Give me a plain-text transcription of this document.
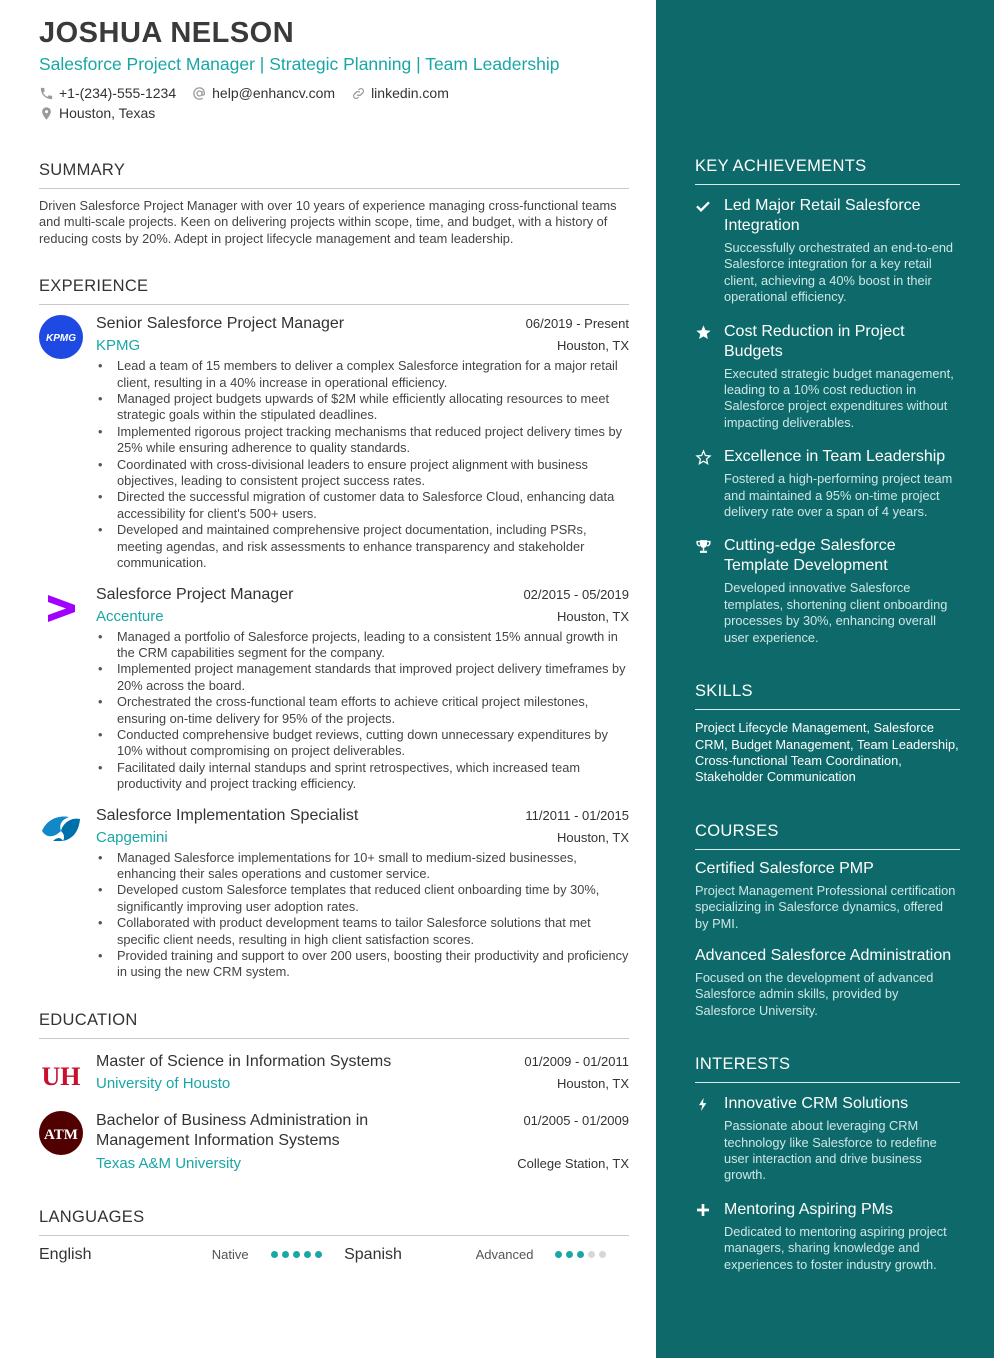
JOSHUA NELSON
Salesforce Project Manager | Strategic Planning | Team Leadership
+1-(234)-555-1234	help@enhancv.com	linkedin.com
Houston, Texas
SUMMARY
Driven Salesforce Project Manager with over 10 years of experience managing cross-functional teams and multi-scale projects. Keen on delivering projects within scope, time, and budget, with a history of reducing costs by 20%. Adept in project lifecycle management and team leadership.
EXPERIENCE
KPMG
Senior Salesforce Project Manager	06/2019 - Present
KPMG	Houston, TX
• Lead a team of 15 members to deliver a complex Salesforce integration for a major retail client, resulting in a 40% increase in operational efficiency.
• Managed project budgets upwards of $2M while efficiently allocating resources to meet strategic goals within the stipulated deadlines.
• Implemented rigorous project tracking mechanisms that reduced project delivery times by 25% while ensuring adherence to quality standards.
• Coordinated with cross-divisional leaders to ensure project alignment with business objectives, leading to consistent project success rates.
• Directed the successful migration of customer data to Salesforce Cloud, enhancing data accessibility for client's 500+ users.
• Developed and maintained comprehensive project documentation, including PSRs, meeting agendas, and risk assessments to enhance transparency and stakeholder communication.
Salesforce Project Manager	02/2015 - 05/2019
Accenture	Houston, TX
• Managed a portfolio of Salesforce projects, leading to a consistent 15% annual growth in the CRM capabilities segment for the company.
• Implemented project management standards that improved project delivery timeframes by 20% across the board.
• Orchestrated the cross-functional team efforts to achieve critical project milestones, ensuring on-time delivery for 95% of the projects.
• Conducted comprehensive budget reviews, cutting down unnecessary expenditures by 10% without compromising on project deliverables.
• Facilitated daily internal standups and sprint retrospectives, which increased team productivity and project tracking efficiency.
Salesforce Implementation Specialist	11/2011 - 01/2015
Capgemini	Houston, TX
• Managed Salesforce implementations for 10+ small to medium-sized businesses, enhancing their sales operations and customer service.
• Developed custom Salesforce templates that reduced client onboarding time by 30%, significantly improving user adoption rates.
• Collaborated with product development teams to tailor Salesforce solutions that met specific client needs, resulting in high client satisfaction scores.
• Provided training and support to over 200 users, boosting their productivity and proficiency in using the new CRM system.
EDUCATION
UH
Master of Science in Information Systems	01/2009 - 01/2011
University of Housto	Houston, TX
ATM
Bachelor of Business Administration in Management Information Systems
01/2005 - 01/2009
Texas A&M University	College Station, TX
LANGUAGES
English	Native	Spanish	Advanced
KEY ACHIEVEMENTS
Led Major Retail Salesforce Integration
Successfully orchestrated an end-to-end Salesforce integration for a key retail client, achieving a 40% boost in their operational efficiency.
Cost Reduction in Project Budgets
Executed strategic budget management, leading to a 10% cost reduction in Salesforce project expenditures without impacting deliverables.
Excellence in Team Leadership
Fostered a high-performing project team and maintained a 95% on-time project delivery rate over a span of 4 years.
Cutting-edge Salesforce Template Development
Developed innovative Salesforce templates, shortening client onboarding processes by 30%, enhancing overall user experience.
SKILLS
Project Lifecycle Management, Salesforce CRM, Budget Management, Team Leadership, Cross-functional Team Coordination, Stakeholder Communication
COURSES
Certified Salesforce PMP
Project Management Professional certification specializing in Salesforce dynamics, offered by PMI.
Advanced Salesforce Administration
Focused on the development of advanced Salesforce admin skills, provided by Salesforce University.
INTERESTS
Innovative CRM Solutions
Passionate about leveraging CRM technology like Salesforce to redefine user interaction and drive business growth.
Mentoring Aspiring PMs
Dedicated to mentoring aspiring project managers, sharing knowledge and experiences to foster industry growth.
